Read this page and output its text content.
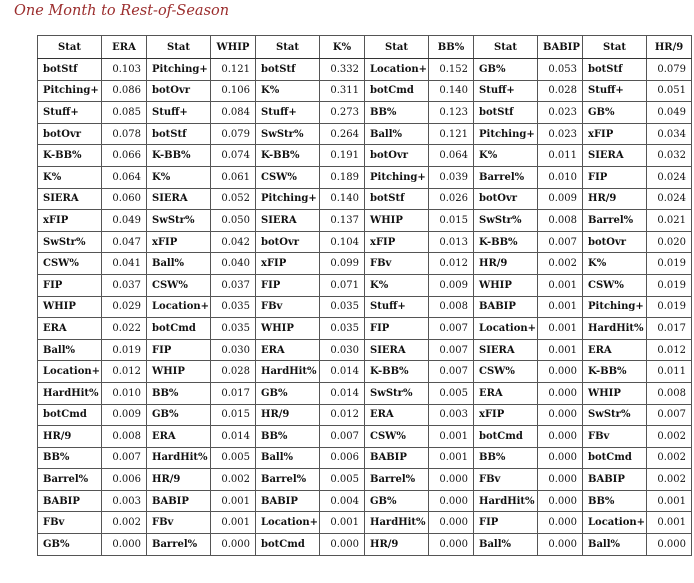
One Month to Rest-of-Season
Stat	ERA	Stat	WHIP	Stat	K%	Stat	BB%	Stat	BABIP	Stat	HR/9
botStf	0.103	Pitching+	0.121	botStf	0.332	Location+	0.152	GB%	0.053	botStf	0.079
Pitching+	0.086	botOvr	0.106	K%	0.311	botCmd	0.140	Stuff+	0.028	Stuff+	0.051
Stuff+	0.085	Stuff+	0.084	Stuff+	0.273	BB%	0.123	botStf	0.023	GB%	0.049
botOvr	0.078	botStf	0.079	SwStr%	0.264	Ball%	0.121	Pitching+	0.023	xFIP	0.034
K-BB%	0.066	K-BB%	0.074	K-BB%	0.191	botOvr	0.064	K%	0.011	SIERA	0.032
K%	0.064	K%	0.061	CSW%	0.189	Pitching+	0.039	Barrel%	0.010	FIP	0.024
SIERA	0.060	SIERA	0.052	Pitching+	0.140	botStf	0.026	botOvr	0.009	HR/9	0.024
xFIP	0.049	SwStr%	0.050	SIERA	0.137	WHIP	0.015	SwStr%	0.008	Barrel%	0.021
SwStr%	0.047	xFIP	0.042	botOvr	0.104	xFIP	0.013	K-BB%	0.007	botOvr	0.020
CSW%	0.041	Ball%	0.040	xFIP	0.099	FBv	0.012	HR/9	0.002	K%	0.019
FIP	0.037	CSW%	0.037	FIP	0.071	K%	0.009	WHIP	0.001	CSW%	0.019
WHIP	0.029	Location+	0.035	FBv	0.035	Stuff+	0.008	BABIP	0.001	Pitching+	0.019
ERA	0.022	botCmd	0.035	WHIP	0.035	FIP	0.007	Location+	0.001	HardHit%	0.017
Ball%	0.019	FIP	0.030	ERA	0.030	SIERA	0.007	SIERA	0.001	ERA	0.012
Location+	0.012	WHIP	0.028	HardHit%	0.014	K-BB%	0.007	CSW%	0.000	K-BB%	0.011
HardHit%	0.010	BB%	0.017	GB%	0.014	SwStr%	0.005	ERA	0.000	WHIP	0.008
botCmd	0.009	GB%	0.015	HR/9	0.012	ERA	0.003	xFIP	0.000	SwStr%	0.007
HR/9	0.008	ERA	0.014	BB%	0.007	CSW%	0.001	botCmd	0.000	FBv	0.002
BB%	0.007	HardHit%	0.005	Ball%	0.006	BABIP	0.001	BB%	0.000	botCmd	0.002
Barrel%	0.006	HR/9	0.002	Barrel%	0.005	Barrel%	0.000	FBv	0.000	BABIP	0.002
BABIP	0.003	BABIP	0.001	BABIP	0.004	GB%	0.000	HardHit%	0.000	BB%	0.001
FBv	0.002	FBv	0.001	Location+	0.001	HardHit%	0.000	FIP	0.000	Location+	0.001
GB%	0.000	Barrel%	0.000	botCmd	0.000	HR/9	0.000	Ball%	0.000	Ball%	0.000
